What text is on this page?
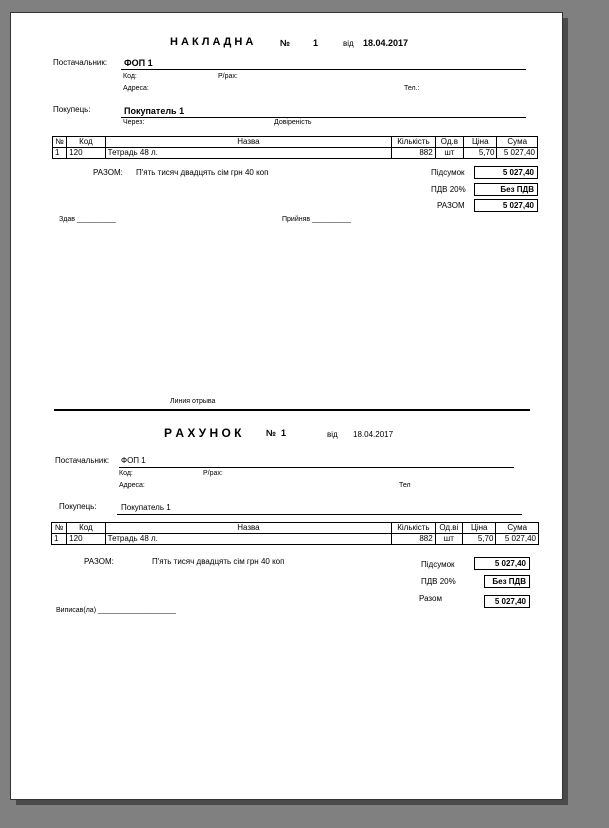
Н А К Л А Д Н А	№	1	від 18.04.2017
Постачальник: ФОП 1
Код:	Р/рах:
Адреса:	Тел.:
Покупець:	Покупатель 1
Через:	Довіреність
№	Код	Назва	Кількість	Од.в	Ціна	Сума
1	120	Тетрадь 48 л.	882	шт	5,70	5 027,40
РАЗОМ: П'ять тисяч двадцять сім грн 40 коп	Підсумок	5 027,40
ПДВ 20%	Без ПДВ
РАЗОМ	5 027,40
Здав __________	Прийняв __________
Линия отрыва
Р А Х У Н О К	№ 1	від 18.04.2017
Постачальник: ФОП 1
Код:	Р/рах:
Адреса:	Тел
Покупець:	Покупатель 1
№	Код	Назва	Кількість	Од.ві	Ціна	Сума
1	120	Тетрадь 48 л.	882	шт	5,70	5 027,40
РАЗОМ:	П'ять тисяч двадцять сім грн 40 коп	Підсумок	5 027,40
ПДВ 20%	Без ПДВ
Разом	5 027,40
Виписав(ла) ____________________
